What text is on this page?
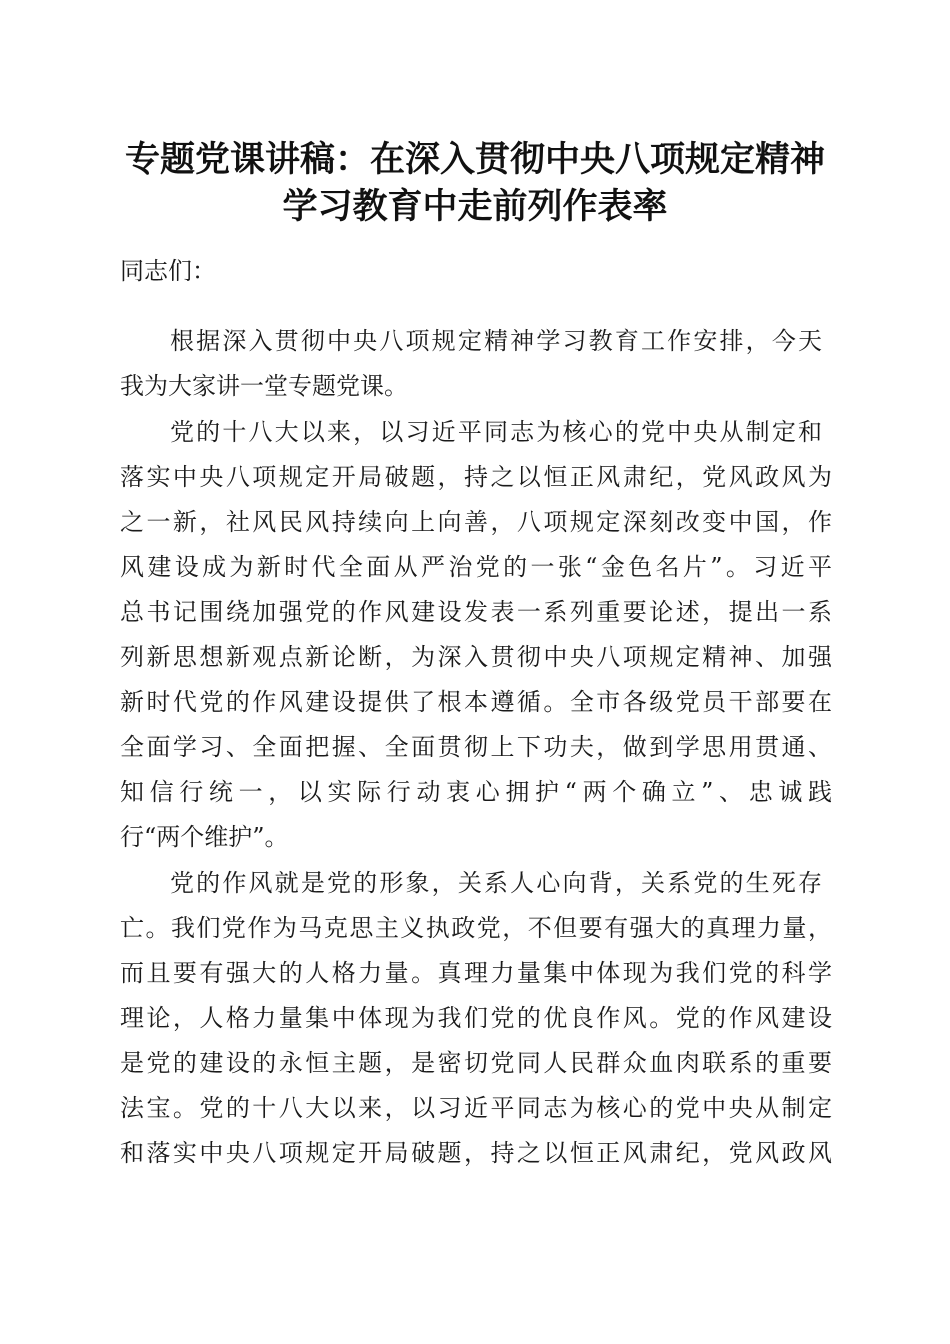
专题党课讲稿：在深入贯彻中央八项规定精神
学习教育中走前列作表率
同志们：
根据深入贯彻中央八项规定精神学习教育工作安排，今天
我为大家讲一堂专题党课。
党的十八大以来，以习近平同志为核心的党中央从制定和
落实中央八项规定开局破题，持之以恒正风肃纪，党风政风为
之一新，社风民风持续向上向善，八项规定深刻改变中国，作
风建设成为新时代全面从严治党的一张“金色名片”。习近平
总书记围绕加强党的作风建设发表一系列重要论述，提出一系
列新思想新观点新论断，为深入贯彻中央八项规定精神、加强
新时代党的作风建设提供了根本遵循。全市各级党员干部要在
全面学习、全面把握、全面贯彻上下功夫，做到学思用贯通、
知信行统一，以实际行动衷心拥护“两个确立”、忠诚践
行“两个维护”。
党的作风就是党的形象，关系人心向背，关系党的生死存
亡。我们党作为马克思主义执政党，不但要有强大的真理力量，
而且要有强大的人格力量。真理力量集中体现为我们党的科学
理论，人格力量集中体现为我们党的优良作风。党的作风建设
是党的建设的永恒主题，是密切党同人民群众血肉联系的重要
法宝。党的十八大以来，以习近平同志为核心的党中央从制定
和落实中央八项规定开局破题，持之以恒正风肃纪，党风政风
